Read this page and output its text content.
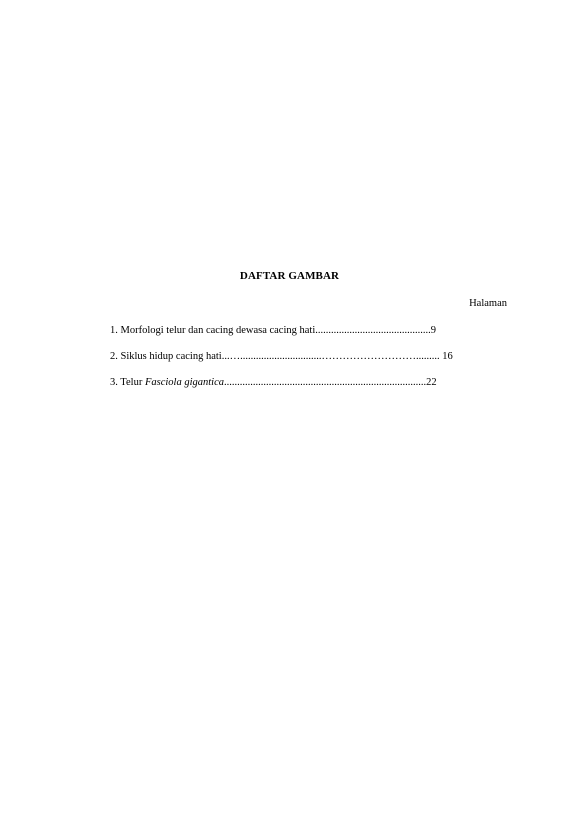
DAFTAR GAMBAR
Halaman
1. Morfologi telur dan cacing dewasa cacing hati............................................9
2. Siklus hidup cacing hati...…...............................………………………......... 16
3. Telur Fasciola gigantica.............................................................................22
